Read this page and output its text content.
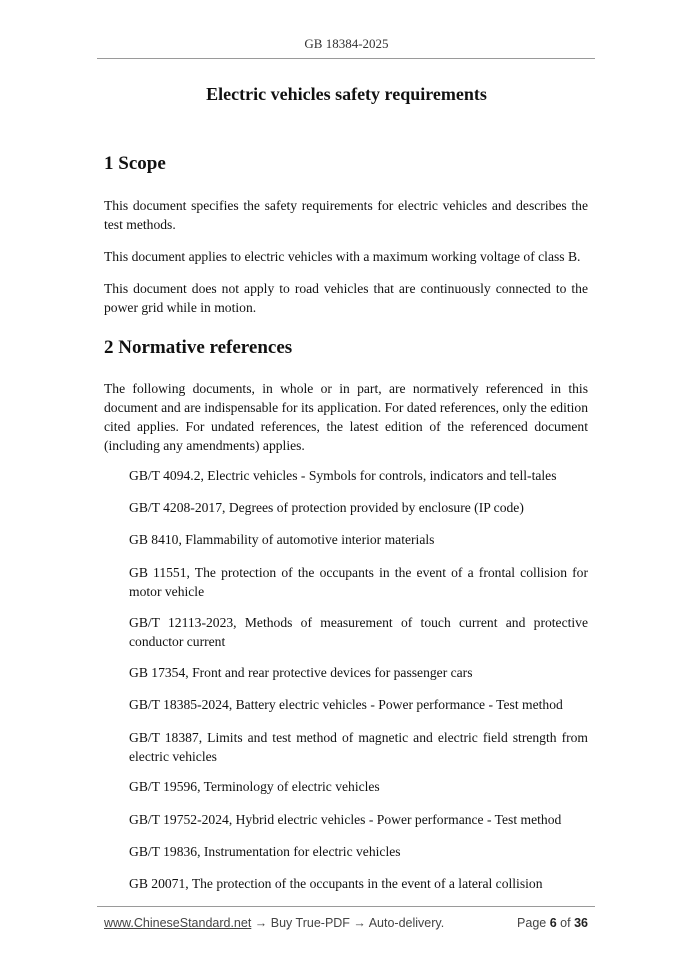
GB 18384-2025
Electric vehicles safety requirements
1 Scope
This document specifies the safety requirements for electric vehicles and describes the test methods.
This document applies to electric vehicles with a maximum working voltage of class B.
This document does not apply to road vehicles that are continuously connected to the power grid while in motion.
2 Normative references
The following documents, in whole or in part, are normatively referenced in this document and are indispensable for its application. For dated references, only the edition cited applies. For undated references, the latest edition of the referenced document (including any amendments) applies.
GB/T 4094.2, Electric vehicles - Symbols for controls, indicators and tell-tales
GB/T 4208-2017, Degrees of protection provided by enclosure (IP code)
GB 8410, Flammability of automotive interior materials
GB 11551, The protection of the occupants in the event of a frontal collision for motor vehicle
GB/T 12113-2023, Methods of measurement of touch current and protective conductor current
GB 17354, Front and rear protective devices for passenger cars
GB/T 18385-2024, Battery electric vehicles - Power performance - Test method
GB/T 18387, Limits and test method of magnetic and electric field strength from electric vehicles
GB/T 19596, Terminology of electric vehicles
GB/T 19752-2024, Hybrid electric vehicles - Power performance - Test method
GB/T 19836, Instrumentation for electric vehicles
GB 20071, The protection of the occupants in the event of a lateral collision
www.ChineseStandard.net → Buy True-PDF → Auto-delivery.	Page 6 of 36
